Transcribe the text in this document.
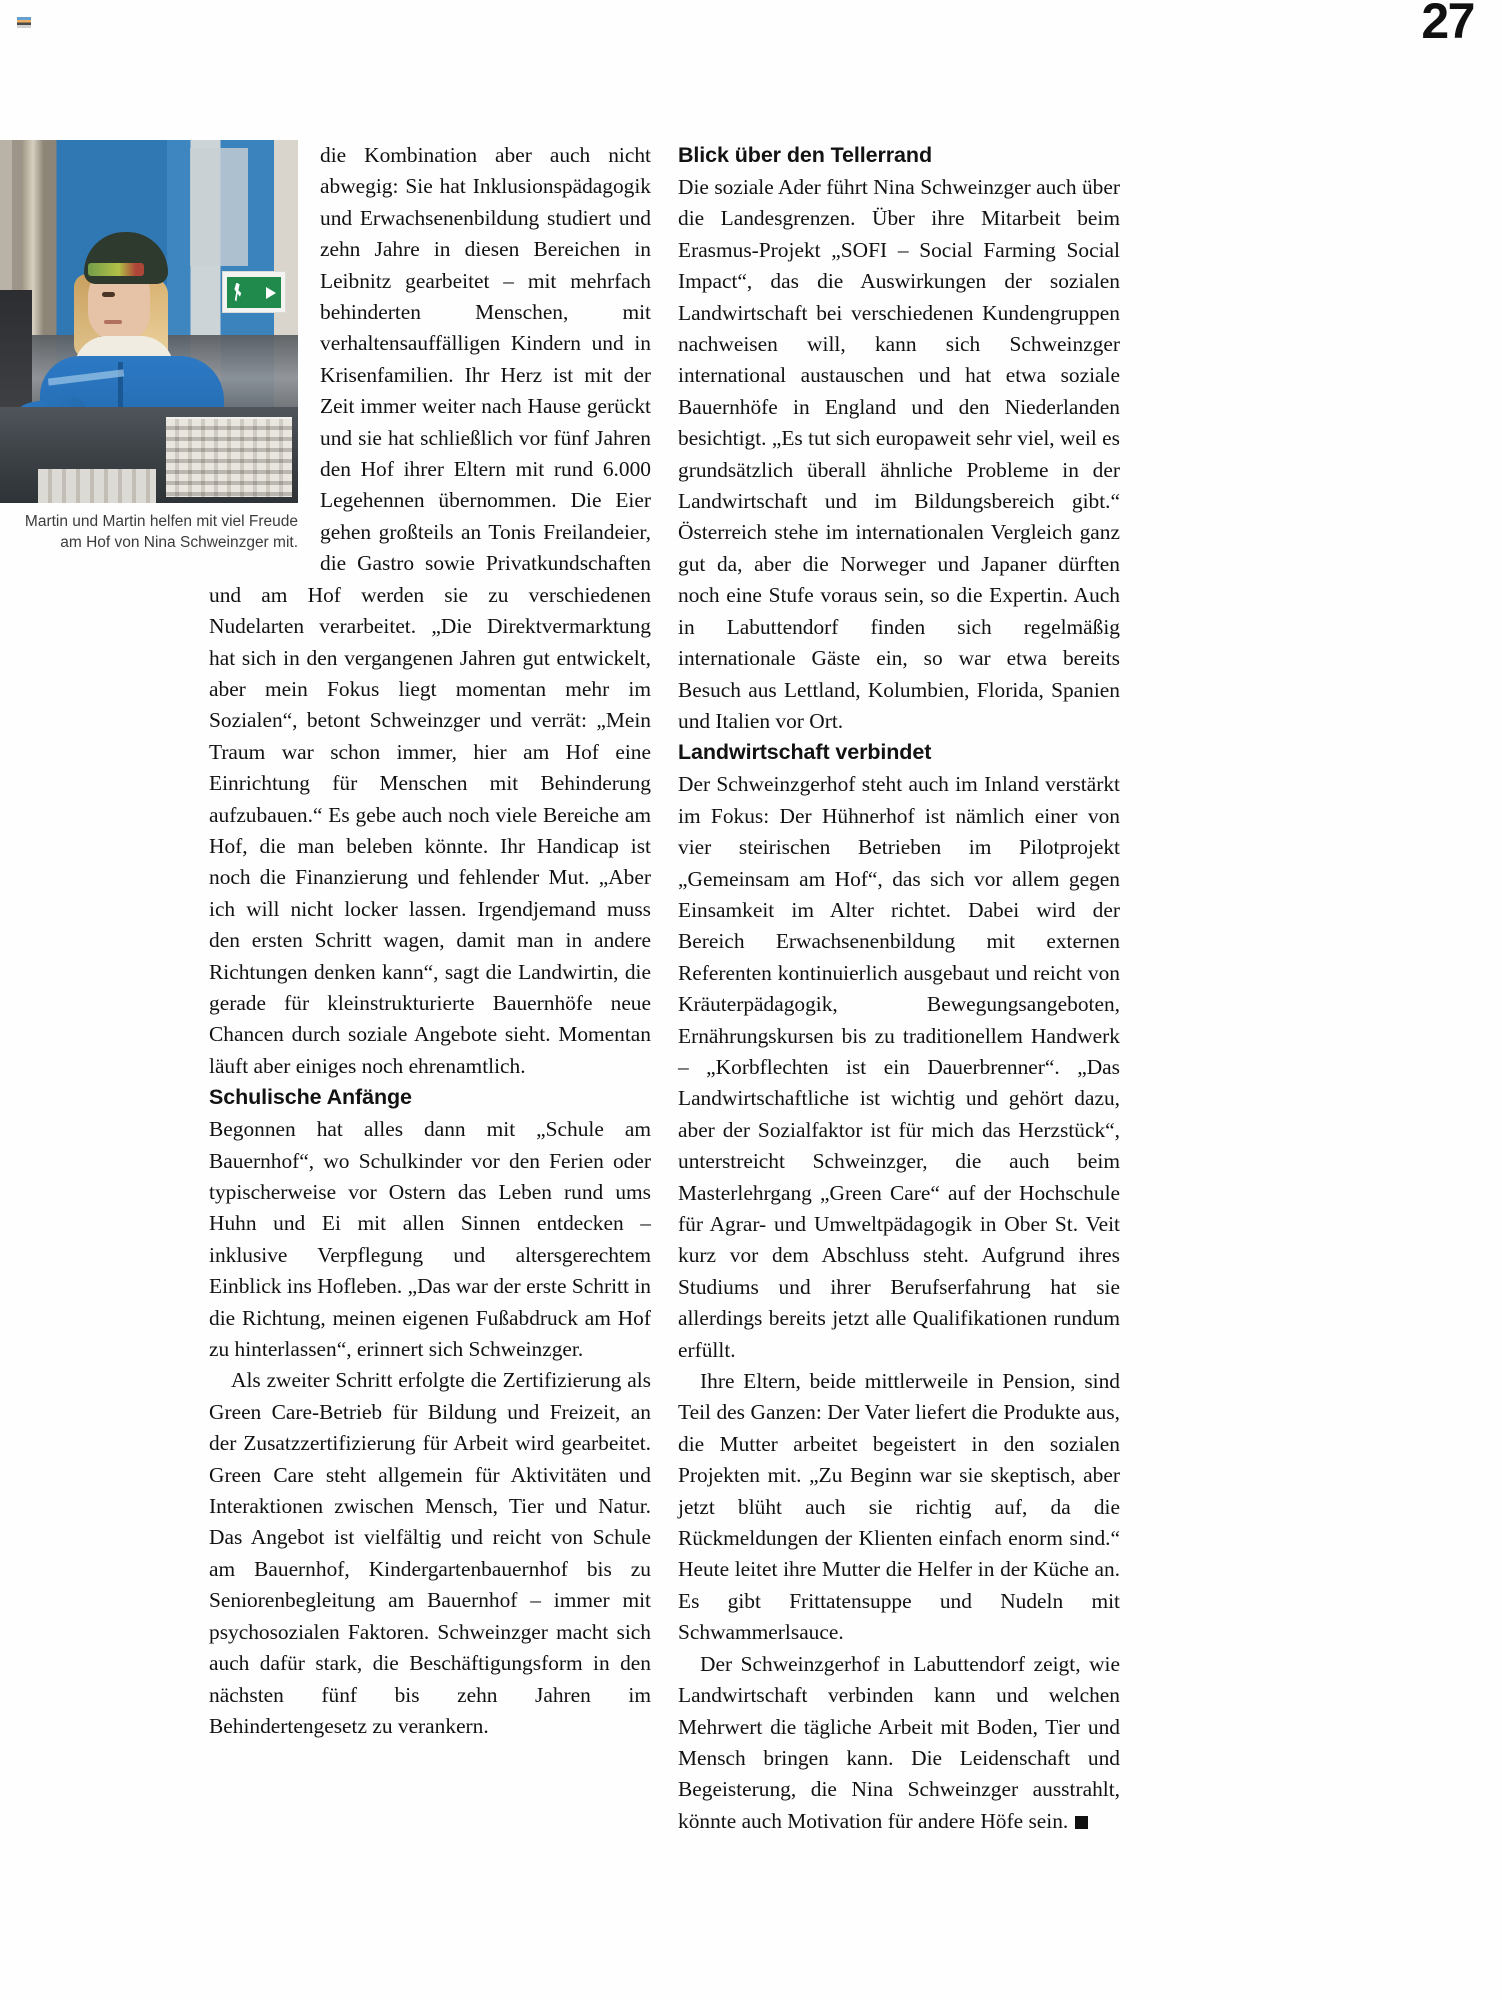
27
Martin und Martin helfen mit viel Freude am Hof von Nina Schweinzger mit.

die Kombination aber auch nicht abwegig: Sie hat Inklusionspädagogik und Erwachsenenbildung studiert und zehn Jahre in diesen Bereichen in Leibnitz gearbeitet – mit mehrfach behinderten Menschen, mit verhaltensauffälligen Kindern und in Krisenfamilien. Ihr Herz ist mit der Zeit immer weiter nach Hause gerückt und sie hat schließlich vor fünf Jahren den Hof ihrer Eltern mit rund 6.000 Legehennen übernommen. Die Eier gehen großteils an Tonis Freilandeier, die Gastro sowie Privatkundschaften und am Hof werden sie zu verschiedenen Nudelarten verarbeitet. „Die Direktvermarktung hat sich in den vergangenen Jahren gut entwickelt, aber mein Fokus liegt momentan mehr im Sozialen“, betont Schweinzger und verrät: „Mein Traum war schon immer, hier am Hof eine Einrichtung für Menschen mit Behinderung aufzubauen.“ Es gebe auch noch viele Bereiche am Hof, die man beleben könnte. Ihr Handicap ist noch die Finanzierung und fehlender Mut. „Aber ich will nicht locker lassen. Irgendjemand muss den ersten Schritt wagen, damit man in andere Richtungen denken kann“, sagt die Landwirtin, die gerade für kleinstrukturierte Bauernhöfe neue Chancen durch soziale Angebote sieht. Momentan läuft aber einiges noch ehrenamtlich.

Schulische Anfänge

Begonnen hat alles dann mit „Schule am Bauernhof“, wo Schulkinder vor den Ferien oder typischerweise vor Ostern das Leben rund ums Huhn und Ei mit allen Sinnen entdecken – inklusive Verpflegung und altersgerechtem Einblick ins Hofleben. „Das war der erste Schritt in die Richtung, meinen eigenen Fußabdruck am Hof zu hinterlassen“, erinnert sich Schweinzger.

Als zweiter Schritt erfolgte die Zertifizierung als Green Care-Betrieb für Bildung und Freizeit, an der Zusatzzertifizierung für Arbeit wird gearbeitet. Green Care steht allgemein für Aktivitäten und Interaktionen zwischen Mensch, Tier und Natur. Das Angebot ist vielfältig und reicht von Schule am Bauernhof, Kindergartenbauernhof bis zu Seniorenbegleitung am Bauernhof – immer mit psychosozialen Faktoren. Schweinzger macht sich auch dafür stark, die Beschäftigungsform in den nächsten fünf bis zehn Jahren im Behindertengesetz zu verankern.

Blick über den Tellerrand

Die soziale Ader führt Nina Schweinzger auch über die Landesgrenzen. Über ihre Mitarbeit beim Erasmus-Projekt „SOFI – Social Farming Social Impact“, das die Auswirkungen der sozialen Landwirtschaft bei verschiedenen Kundengruppen nachweisen will, kann sich Schweinzger international austauschen und hat etwa soziale Bauernhöfe in England und den Niederlanden besichtigt. „Es tut sich europaweit sehr viel, weil es grundsätzlich überall ähnliche Probleme in der Landwirtschaft und im Bildungsbereich gibt.“ Österreich stehe im internationalen Vergleich ganz gut da, aber die Norweger und Japaner dürften noch eine Stufe voraus sein, so die Expertin. Auch in Labuttendorf finden sich regelmäßig internationale Gäste ein, so war etwa bereits Besuch aus Lettland, Kolumbien, Florida, Spanien und Italien vor Ort.

Landwirtschaft verbindet

Der Schweinzgerhof steht auch im Inland verstärkt im Fokus: Der Hühnerhof ist nämlich einer von vier steirischen Betrieben im Pilotprojekt „Gemeinsam am Hof“, das sich vor allem gegen Einsamkeit im Alter richtet. Dabei wird der Bereich Erwachsenenbildung mit externen Referenten kontinuierlich ausgebaut und reicht von Kräuterpädagogik, Bewegungsangeboten, Ernährungskursen bis zu traditionellem Handwerk – „Korbflechten ist ein Dauerbrenner“. „Das Landwirtschaftliche ist wichtig und gehört dazu, aber der Sozialfaktor ist für mich das Herzstück“, unterstreicht Schweinzger, die auch beim Masterlehrgang „Green Care“ auf der Hochschule für Agrar- und Umweltpädagogik in Ober St. Veit kurz vor dem Abschluss steht. Aufgrund ihres Studiums und ihrer Berufserfahrung hat sie allerdings bereits jetzt alle Qualifikationen rundum erfüllt.

Ihre Eltern, beide mittlerweile in Pension, sind Teil des Ganzen: Der Vater liefert die Produkte aus, die Mutter arbeitet begeistert in den sozialen Projekten mit. „Zu Beginn war sie skeptisch, aber jetzt blüht auch sie richtig auf, da die Rückmeldungen der Klienten einfach enorm sind.“ Heute leitet ihre Mutter die Helfer in der Küche an. Es gibt Frittatensuppe und Nudeln mit Schwammerlsauce.

Der Schweinzgerhof in Labuttendorf zeigt, wie Landwirtschaft verbinden kann und welchen Mehrwert die tägliche Arbeit mit Boden, Tier und Mensch bringen kann. Die Leidenschaft und Begeisterung, die Nina Schweinzger ausstrahlt, könnte auch Motivation für andere Höfe sein.
